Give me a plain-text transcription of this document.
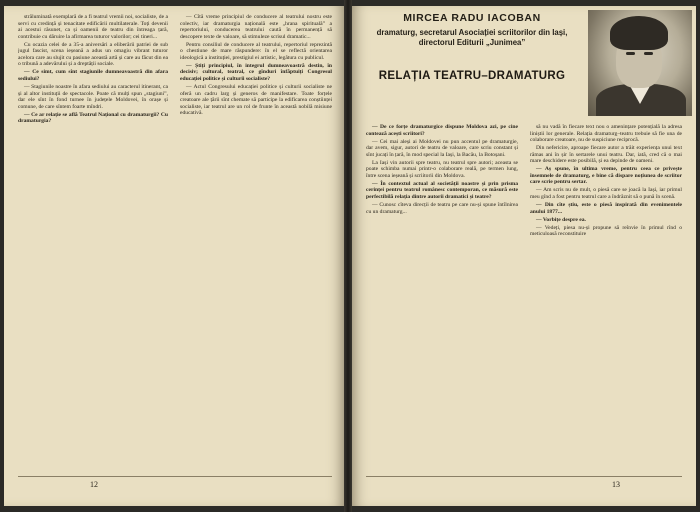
străluminată exemplară de a fi teatrul vremii noi, socialiste, de a servi cu credință și tenacitate edificării multilaterale. Toți devenii ai acestui răsunet, ca și oamenii de teatru din întreaga țară, contribuie cu dăruire la afirmarea tuturor valorilor; cei tineri...

Cu ocazia celei de a 35-a aniversări a eliberării patriei de sub jugul fascist, scena ieșeană a adus un omagiu vibrant tuturor acelora care au slujit cu pasiune această artă și care au făcut din ea o tribună a adevărului și a dreptății sociale.

— Ce simt, cum sînt stagiunile dumneavoastră din afara sediului?

— Stagiunile noastre în afara sediului au caracterul itinerant, ca și al altor instituții de spectacole. Poate că mulți spun „stagiuni”, dar ele sînt în fond turnee în județele Moldovei, în orașe și comune, de care sîntem foarte mîndri.

— Ce ar relație se află Teatrul Național cu dramaturgii? Cu dramaturgia?

— Cîtă vreme principiul de conducere al teatrului nostru este colectiv, iar dramaturgia națională este „hrana spirituală” a repertoriului, conducerea teatrului caută în permanență să descopere texte de valoare, să stimuleze scrisul dramatic...

Pentru consiliul de conducere al teatrului, repertoriul reprezintă o chestiune de mare răspundere: în el se reflectă orientarea ideologică a instituției, prestigiul ei artistic, legătura cu publicul.

— Știți principiul, în integrul dumneavoastră destin, în decisiv; cultural, teatral, ce gînduri înfăptuiți Congresul educației politice și culturii socialiste?

— Actul Congresului educației politice și culturii socialiste ne oferă un cadru larg și generos de manifestare. Toate forțele creatoare ale țării sînt chemate să participe la edificarea conștiinței socialiste, iar teatrul are un rol de frunte în această nobilă misiune educativă.

12
MIRCEA RADU IACOBAN
dramaturg, secretarul Asociației scriitorilor din Iași,
directorul Editurii „Junimea”
RELAȚIA TEATRU–DRAMATURG

— De ce forțe dramaturgice dispune Moldova azi, pe cine contează acești scriitori?

— Cei mai aleși ai Moldovei nu pun accentul pe dramaturgie, dar avem, sigur, autori de teatru de valoare, care scriu constant și sînt jucați în țară, în mod special la Iași, la Bacău, la Botoșani.

La Iași vin autorii spre teatru, nu teatrul spre autori; aceasta se poate schimba numai printr-o colaborare reală, pe termen lung, între scena ieșeană și scriitorii din Moldova.

— În contextul actual al societății noastre și prin prisma cerinței pentru teatrul românesc contemporan, ce măsură este perfectibilă relația dintre autorii dramatici și teatre?

— Cunosc cîteva direcții de teatru pe care nu-și spune întîlnirea cu un dramaturg...

să nu vadă în fiecare text nou o amenințare potențială la adresa liniștii lor generale. Relația dramaturg–teatru trebuie să fie una de colaborare creatoare, nu de suspiciune reciprocă.

Din nefericire, aproape fiecare autor a trăit experiența unui text rămas ani în șir în sertarele unui teatru. Dar, iată, cred că o mai mare deschidere este posibilă, și ea depinde de oameni.

— Aș spune, în ultima vreme, pentru ceea ce privește însemnele de dramaturg, e bine că dispare noțiunea de scriitor care scrie pentru sertar.

— Am scris nu de mult, o piesă care se joacă la Iași, iar primul meu gînd a fost pentru teatrul care a îndrăznit să o pună în scenă.

— Din cîte știu, este o piesă inspirată din evenimentele anului 1877...

— Vorbițe despre ea.

— Vedeți, piesa nu-și propune să reînvie în primul rînd o meticuloasă reconstituire

13
